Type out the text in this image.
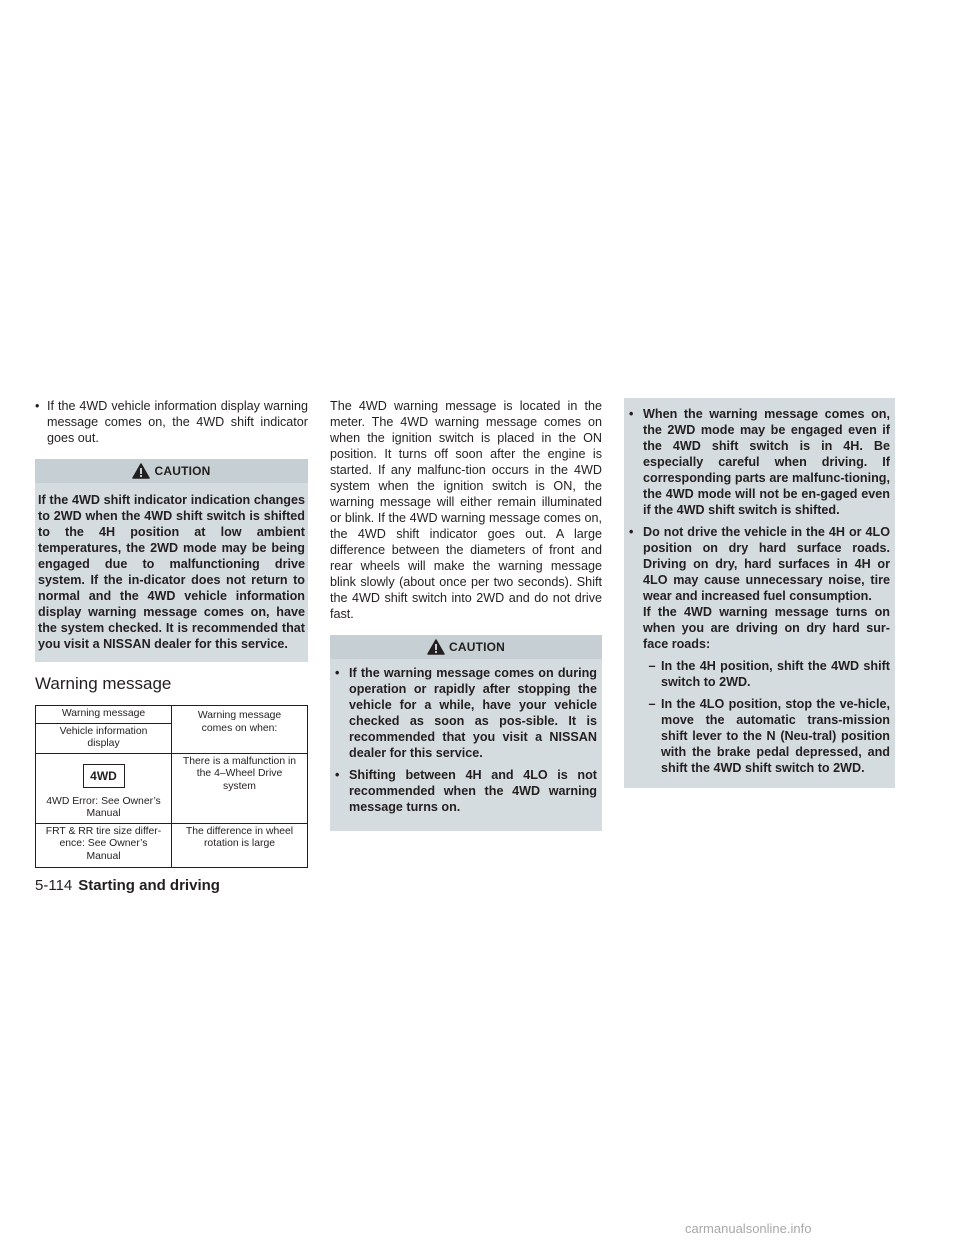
• If the 4WD vehicle information display warning message comes on, the 4WD shift indicator goes out.
CAUTION

If the 4WD shift indicator indication changes to 2WD when the 4WD shift switch is shifted to the 4H position at low ambient temperatures, the 2WD mode may be being engaged due to malfunctioning drive system. If the in-dicator does not return to normal and the 4WD vehicle information display warning message comes on, have the system checked. It is recommended that you visit a NISSAN dealer for this service.

Warning message
Warning message	Warning message comes on when:
Vehicle information display	
4WD
4WD Error: See Owner’s Manual	There is a malfunction in the 4–Wheel Drive system
FRT & RR tire size differ-ence: See Owner’s Manual	The difference in wheel rotation is large

The 4WD warning message is located in the meter. The 4WD warning message comes on when the ignition switch is placed in the ON position. It turns off soon after the engine is started. If any malfunc-tion occurs in the 4WD system when the ignition switch is ON, the warning message will either remain illuminated or blink. If the 4WD warning message comes on, the 4WD shift indicator goes out. A large difference between the diameters of front and rear wheels will make the warning message blink slowly (about once per two seconds). Shift the 4WD shift switch into 2WD and do not drive fast.

CAUTION
• If the warning message comes on during operation or rapidly after stopping the vehicle for a while, have your vehicle checked as soon as pos-sible. It is recommended that you visit a NISSAN dealer for this service.
• Shifting between 4H and 4LO is not recommended when the 4WD warning message turns on.
• When the warning message comes on, the 2WD mode may be engaged even if the 4WD shift switch is in 4H. Be especially careful when driving. If corresponding parts are malfunc-tioning, the 4WD mode will not be en-gaged even if the 4WD shift switch is shifted.
• Do not drive the vehicle in the 4H or 4LO position on dry hard surface roads. Driving on dry, hard surfaces in 4H or 4LO may cause unnecessary noise, tire wear and increased fuel consumption.
If the 4WD warning message turns on when you are driving on dry hard sur-face roads:
– In the 4H position, shift the 4WD shift switch to 2WD.
– In the 4LO position, stop the ve-hicle, move the automatic trans-mission shift lever to the N (Neu-tral) position with the brake pedal depressed, and shift the 4WD shift switch to 2WD.
5-114 Starting and driving
carmanualsonline.info
